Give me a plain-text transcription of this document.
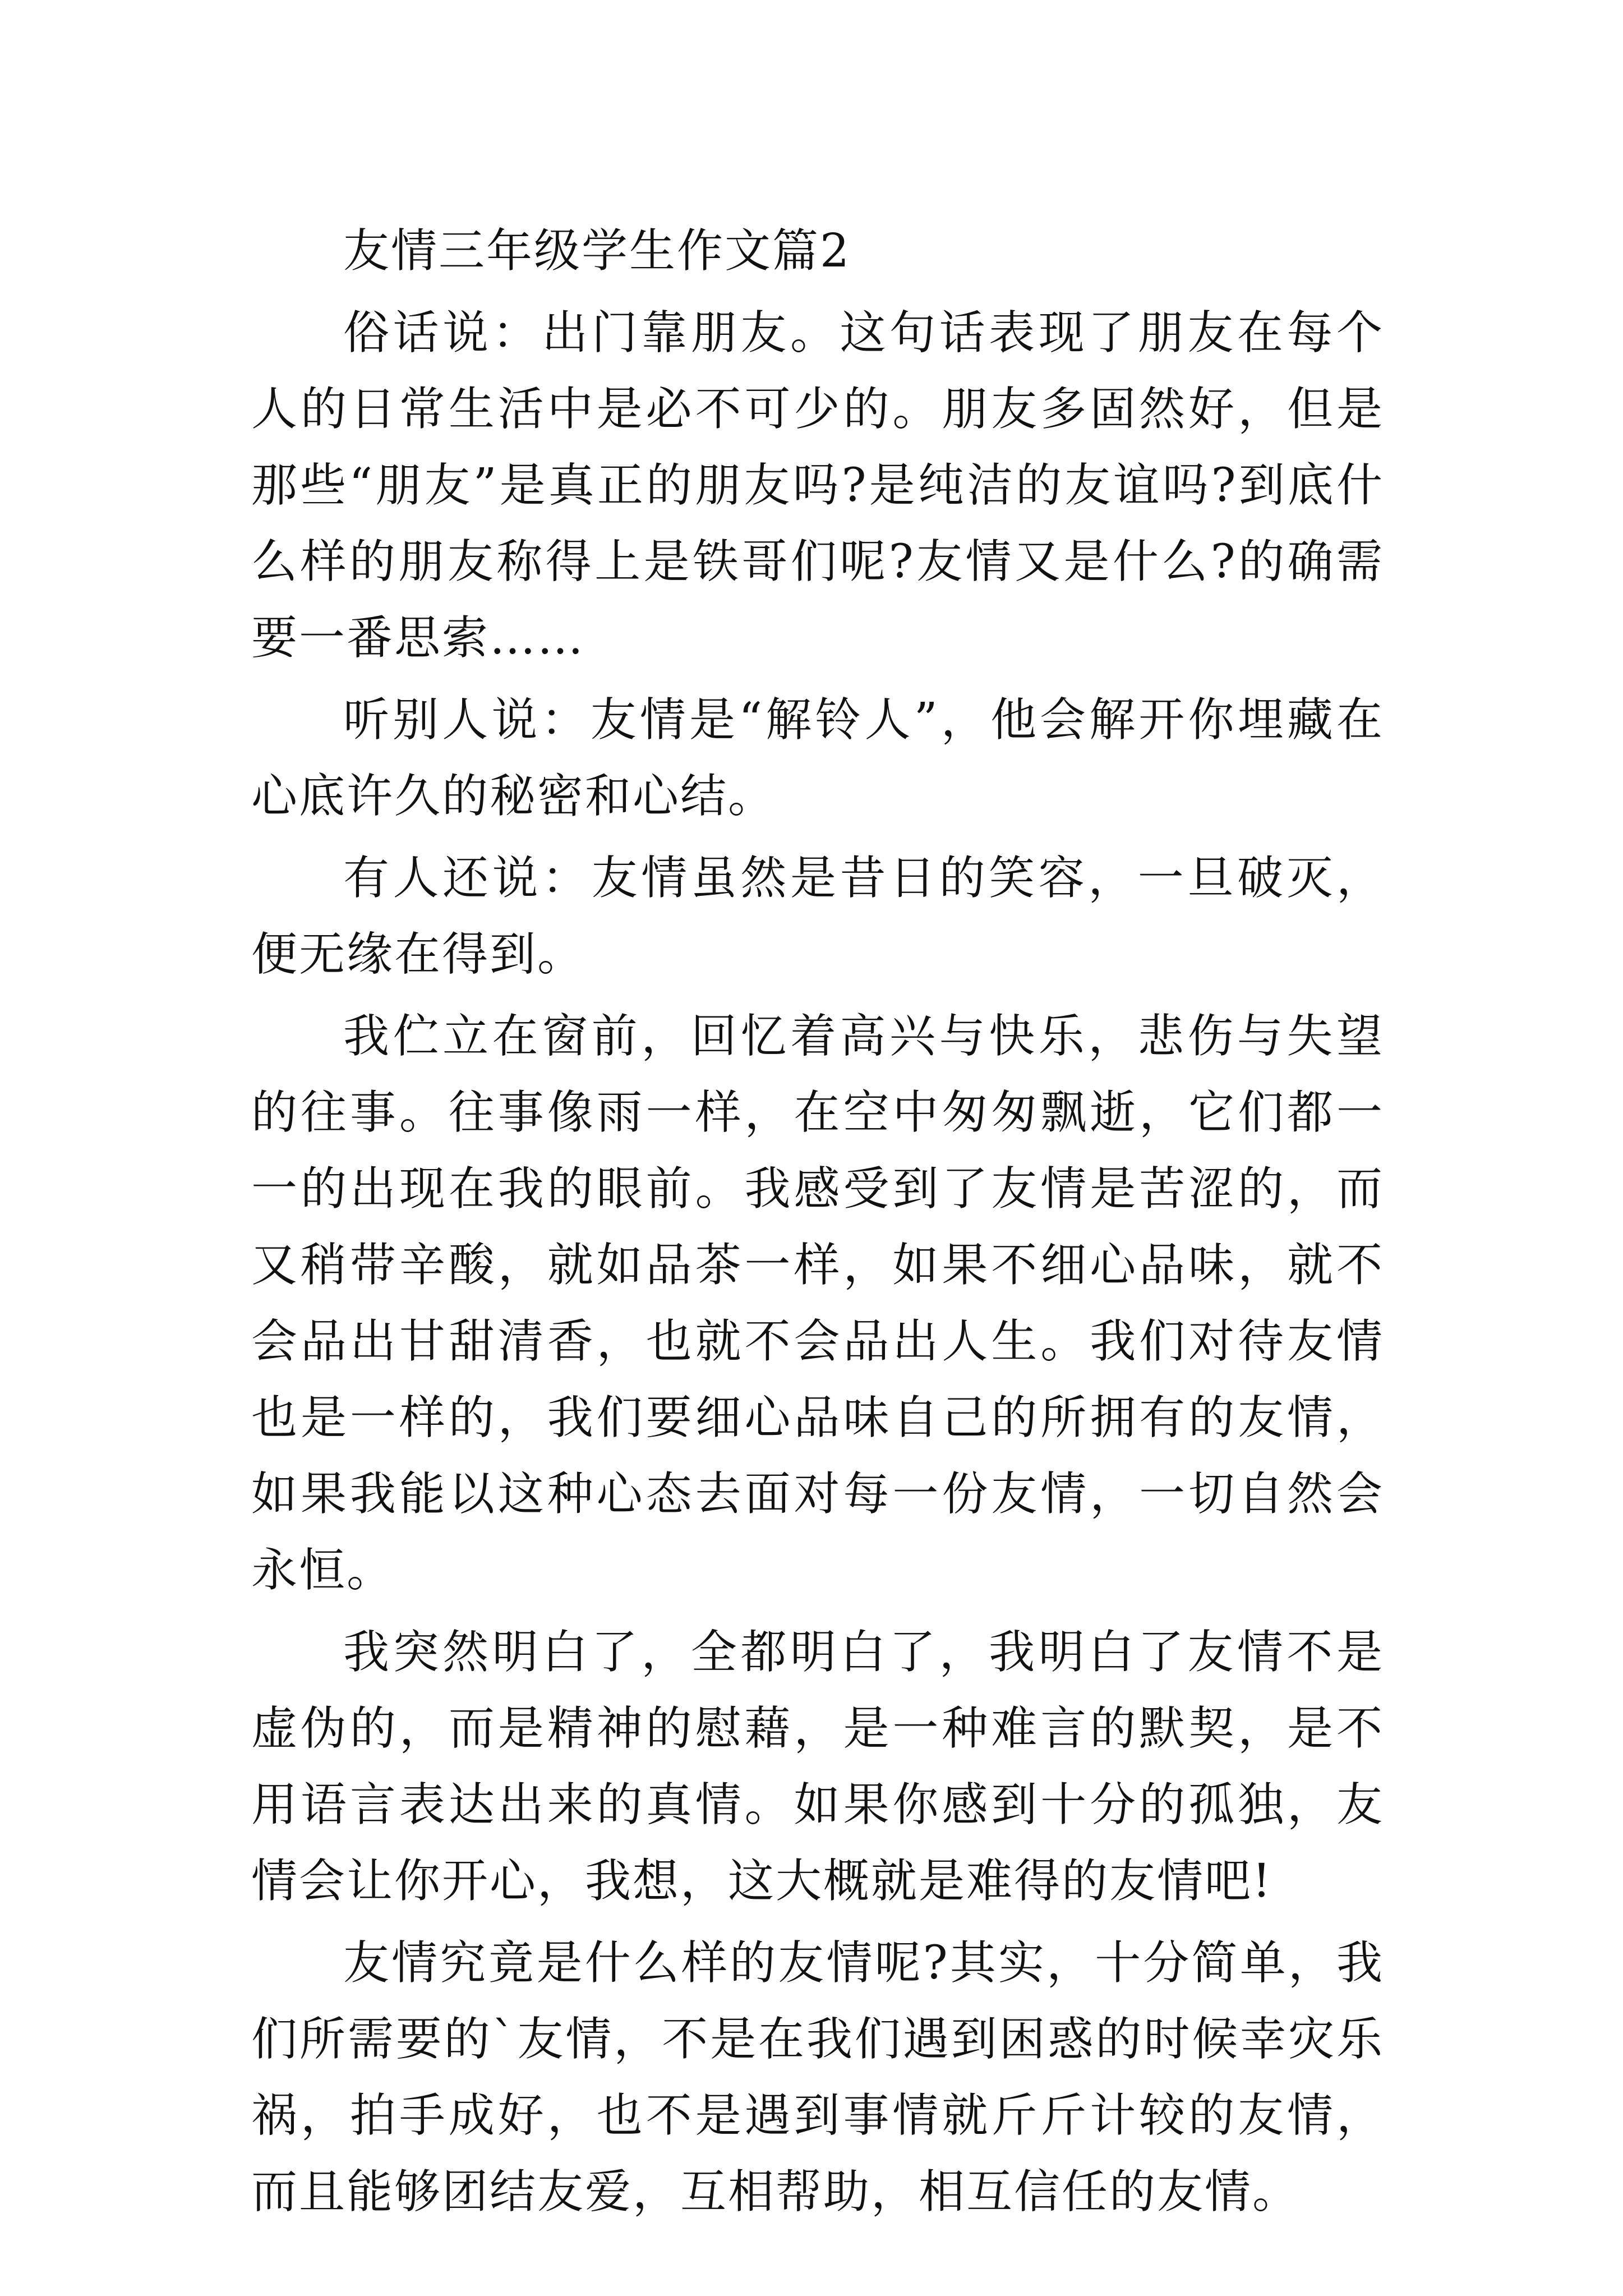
友情三年级学生作文篇2

俗话说：出门靠朋友。这句话表现了朋友在每个人的日常生活中是必不可少的。朋友多固然好，但是那些“朋友”是真正的朋友吗?是纯洁的友谊吗?到底什么样的朋友称得上是铁哥们呢?友情又是什么?的确需要一番思索……

听别人说：友情是“解铃人”，他会解开你埋藏在心底许久的秘密和心结。

有人还说：友情虽然是昔日的笑容，一旦破灭，便无缘在得到。

我伫立在窗前，回忆着高兴与快乐，悲伤与失望的往事。往事像雨一样，在空中匆匆飘逝，它们都一一的出现在我的眼前。我感受到了友情是苦涩的，而又稍带辛酸，就如品茶一样，如果不细心品味，就不会品出甘甜清香，也就不会品出人生。我们对待友情也是一样的，我们要细心品味自己的所拥有的友情，如果我能以这种心态去面对每一份友情，一切自然会永恒。

我突然明白了，全都明白了，我明白了友情不是虚伪的，而是精神的慰藉，是一种难言的默契，是不用语言表达出来的真情。如果你感到十分的孤独，友情会让你开心，我想，这大概就是难得的友情吧!

友情究竟是什么样的友情呢?其实，十分简单，我们所需要的`友情，不是在我们遇到困惑的时候幸灾乐祸，拍手成好，也不是遇到事情就斤斤计较的友情，而且能够团结友爱，互相帮助，相互信任的友情。
